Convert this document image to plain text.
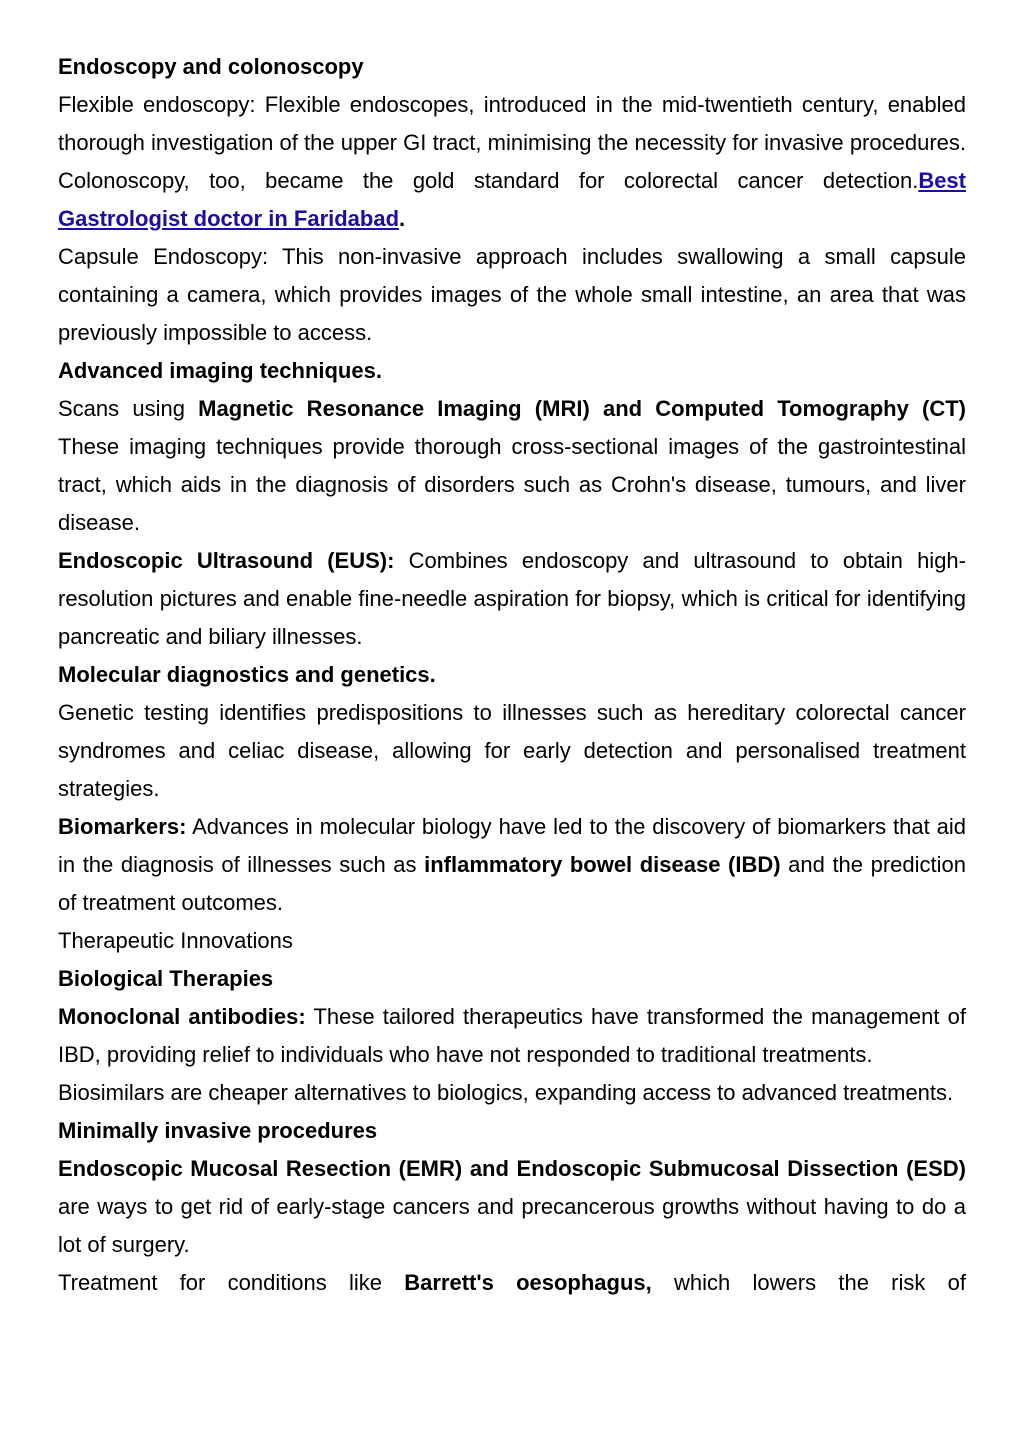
Endoscopy and colonoscopy

Flexible endoscopy: Flexible endoscopes, introduced in the mid-twentieth century, enabled thorough investigation of the upper GI tract, minimising the necessity for invasive procedures. Colonoscopy, too, became the gold standard for colorectal cancer detection.Best Gastrologist doctor in Faridabad.

Capsule Endoscopy: This non-invasive approach includes swallowing a small capsule containing a camera, which provides images of the whole small intestine, an area that was previously impossible to access.

Advanced imaging techniques.

Scans using Magnetic Resonance Imaging (MRI) and Computed Tomography (CT) These imaging techniques provide thorough cross-sectional images of the gastrointestinal tract, which aids in the diagnosis of disorders such as Crohn's disease, tumours, and liver disease.

Endoscopic Ultrasound (EUS): Combines endoscopy and ultrasound to obtain high-resolution pictures and enable fine-needle aspiration for biopsy, which is critical for identifying pancreatic and biliary illnesses.

Molecular diagnostics and genetics.

Genetic testing identifies predispositions to illnesses such as hereditary colorectal cancer syndromes and celiac disease, allowing for early detection and personalised treatment strategies.

Biomarkers: Advances in molecular biology have led to the discovery of biomarkers that aid in the diagnosis of illnesses such as inflammatory bowel disease (IBD) and the prediction of treatment outcomes.

Therapeutic Innovations

Biological Therapies

Monoclonal antibodies: These tailored therapeutics have transformed the management of IBD, providing relief to individuals who have not responded to traditional treatments.

Biosimilars are cheaper alternatives to biologics, expanding access to advanced treatments.

Minimally invasive procedures

Endoscopic Mucosal Resection (EMR) and Endoscopic Submucosal Dissection (ESD) are ways to get rid of early-stage cancers and precancerous growths without having to do a lot of surgery.

Treatment for conditions like Barrett's oesophagus, which lowers the risk of
